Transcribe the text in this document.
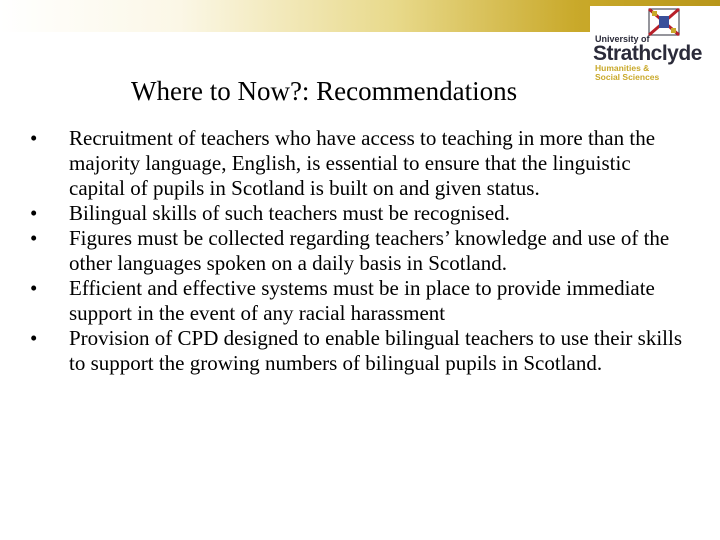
University of
Strathclyde
Humanities &
Social Sciences
Where to Now?: Recommendations
• Recruitment of teachers who have access to teaching in more than the majority language, English, is essential to ensure that the linguistic capital of pupils in Scotland is built on and given status.
• Bilingual skills of such teachers must be recognised.
• Figures must be collected regarding teachers’ knowledge and use of the other languages spoken on a daily basis in Scotland.
• Efficient and effective systems must be in place to provide immediate support in the event of any racial harassment
• Provision of CPD designed to enable bilingual teachers to use their skills to support the growing numbers of bilingual pupils in Scotland.
